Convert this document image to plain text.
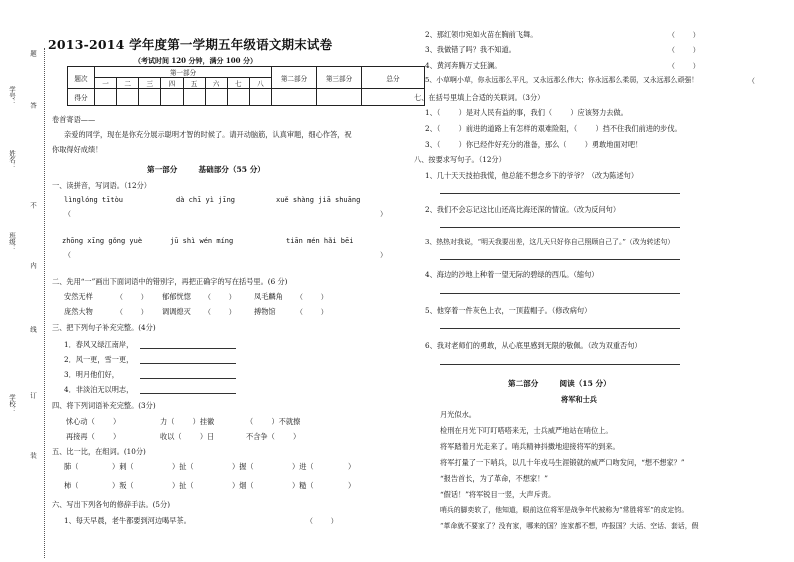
题
学号： 答
姓名：
不
班级：
内
线
学校： 订
装
2013-2014 学年度第一学期五年级语文期末试卷
（考试时间 120 分钟，满分 100 分）
题次	第一部分								第二部分	第三部分	总分
	一	二	三	四	五	六	七	八			
得分											
卷首寄语——
亲爱的同学，现在是你充分展示聪明才智的时候了。请开动脑筋，认真审题，细心作答，祝
你取得好成绩！
第一部分        基础部分（55 分）
一、读拼音，写词语。（12分）
lìnglóng tītòu	dà chī yì jīng	xuě shàng jiā shuāng
（	）
zhōng xīng gǒng yuè	jū shì wén míng	tiān mén hǎi bēi
（	）
二、先用“一”画出下面词语中的错别字，再把正确字的写在括号里。(6 分)
安然无样	（        ） 郁郁恍惚 （        ）	凤毛麟角 （        ）
庞然大物	（        ） 调调熄灭 （        ）	搏物馆	（        ）
三、把下列句子补充完整。(4分)
1．春风又绿江南岸，
2．风一更，雪一更，
3．明月他们好，
4．非淡泊无以明志，
四、将下列词语补充完整。(3分)
怵心动（        ）	力（        ）挂徽	（        ）不就擦
再接再（        ）	收以（        ）日	不含争（        ）
五、比一比，在组词。(10分)
肺（	）刺（	）扯（	）握（	）进（	）
柿（	）叛（	）扯（	）烟（	）糙（	）
六、写出下列各句的修辞手法。(5分)
1、每天早晨，老牛都要到河边喝早茶。	（        ）
2、那红领巾宛如火苗在胸前飞舞。	（        ）
3、我做错了吗？我不知道。	（        ）
4、黄河奔腾万丈狂澜。	（        ）
5、小草啊小草，你永远那么平凡，又永远那么伟大；你永远那么柔弱，又永远那么顽强！	（
七、在括号里填上合适的关联词。（3分）
1、（        ）是对人民有益的事，我们（        ）应该努力去做。
2、（        ）前进的道路上有怎样的艰难险阻，（        ）挡不住我们前进的步伐。
3、（        ）你已经作好充分的准备，那么（        ）勇敢地面对吧！
八、按要求写句子。（12分）
1、几十天天技拍我慌，他总能不想念乡下的爷爷？（改为陈述句）
2、我们不会忘记这比山还高比海还深的情谊。（改为反问句）
3、热热对我说，“明天我要出差，这几天只好你自己照顾自己了。”（改为转述句）
4、海边的沙地上种着一望无际的碧绿的西瓜。（缩句）
5、他穿着一件灰色上衣，一顶蓝帽子。（修改病句）
6、我对老师们的勇敢，从心底里感到无限的敬佩。（改为双重否句）
第二部分        阅读（15 分）
将军和士兵
月光似水。
检刑在月光下叮叮嗒嗒来无，士兵威严地站在哨位上。
将军踏着月光走来了。哨兵精神抖擞地迎接将军的到来。
将军打量了一下哨兵，以几十年戎马生涯锻就的威严口吻发问，“想不想家？”
“报告首长，为了革命，不想家！”
“假话！”将军锐目一竖，大声斥责。
哨兵的脚奕软了，他知道，眼前这位将军是战争年代被称为“常胜将军”的皮定钧。
“革命就不要家了？没有家，哪来的国？连家都不想，咋报国？大话、空话、套话，假
